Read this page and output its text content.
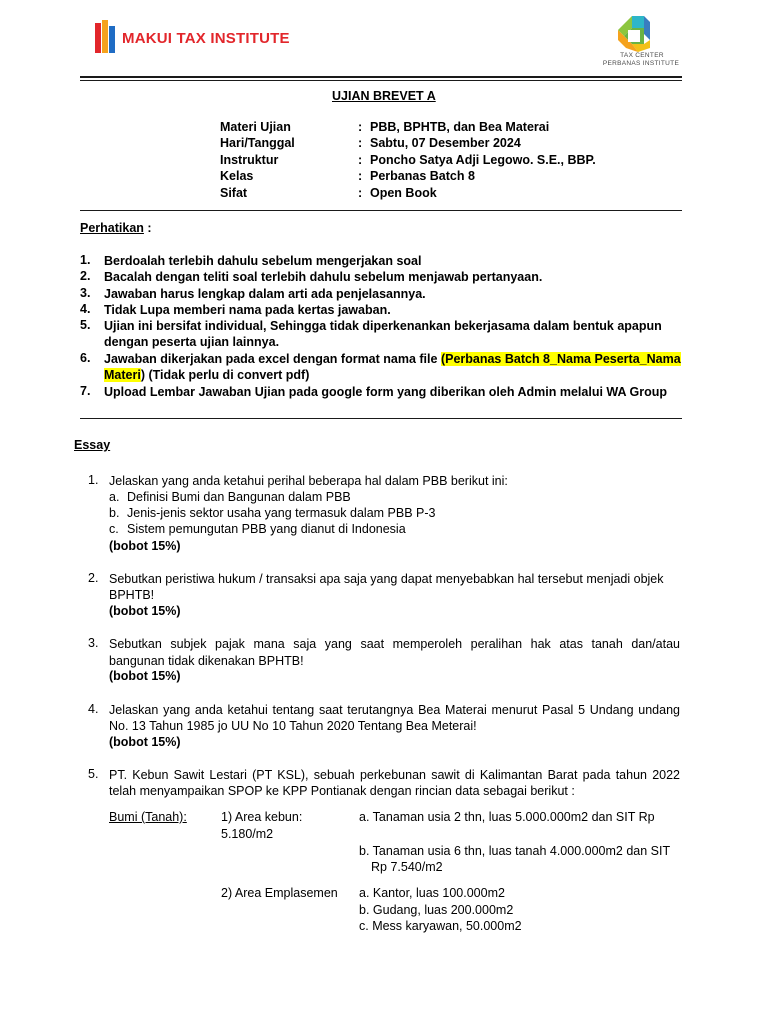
MAKUI TAX INSTITUTE
TAX CENTER
PERBANAS INSTITUTE
UJIAN BREVET A
Materi Ujian	: PBB, BPHTB, dan Bea Materai
Hari/Tanggal	: Sabtu, 07 Desember 2024
Instruktur	: Poncho Satya Adji Legowo. S.E., BBP.
Kelas	: Perbanas Batch 8
Sifat	: Open Book
Perhatikan :
1.	Berdoalah terlebih dahulu sebelum mengerjakan soal
2.	Bacalah dengan teliti soal terlebih dahulu sebelum menjawab pertanyaan.
3.	Jawaban harus lengkap dalam arti ada penjelasannya.
4.	Tidak Lupa memberi nama pada kertas jawaban.
5.	Ujian ini bersifat individual, Sehingga tidak diperkenankan bekerjasama dalam bentuk apapun
dengan peserta ujian lainnya.
6.	Jawaban dikerjakan pada excel dengan format nama file (Perbanas Batch 8_Nama Peserta_Nama
Materi) (Tidak perlu di convert pdf)
7.	Upload Lembar Jawaban Ujian pada google form yang diberikan oleh Admin melalui WA Group
Essay
1. Jelaskan yang anda ketahui perihal beberapa hal dalam PBB berikut ini:
a. Definisi Bumi dan Bangunan dalam PBB
b. Jenis-jenis sektor usaha yang termasuk dalam PBB P-3
c. Sistem pemungutan PBB yang dianut di Indonesia
(bobot 15%)
2. Sebutkan peristiwa hukum / transaksi apa saja yang dapat menyebabkan hal tersebut menjadi objek
BPHTB!
(bobot 15%)
3. Sebutkan subjek pajak mana saja yang saat memperoleh peralihan hak atas tanah dan/atau
bangunan tidak dikenakan BPHTB!
(bobot 15%)
4. Jelaskan yang anda ketahui tentang saat terutangnya Bea Materai menurut Pasal 5 Undang undang
No. 13 Tahun 1985 jo UU No 10 Tahun 2020 Tentang Bea Meterai!
(bobot 15%)
5. PT. Kebun Sawit Lestari (PT KSL), sebuah perkebunan sawit di Kalimantan Barat pada tahun 2022
telah menyampaikan SPOP ke KPP Pontianak dengan rincian data sebagai berikut :
Bumi (Tanah):	1) Area kebun:	a. Tanaman usia 2 thn, luas 5.000.000m2 dan SIT Rp
5.180/m2
b. Tanaman usia 6 thn, luas tanah 4.000.000m2 dan SIT
Rp 7.540/m2
2) Area Emplasemen a. Kantor, luas 100.000m2
b. Gudang, luas 200.000m2
c. Mess karyawan, 50.000m2
